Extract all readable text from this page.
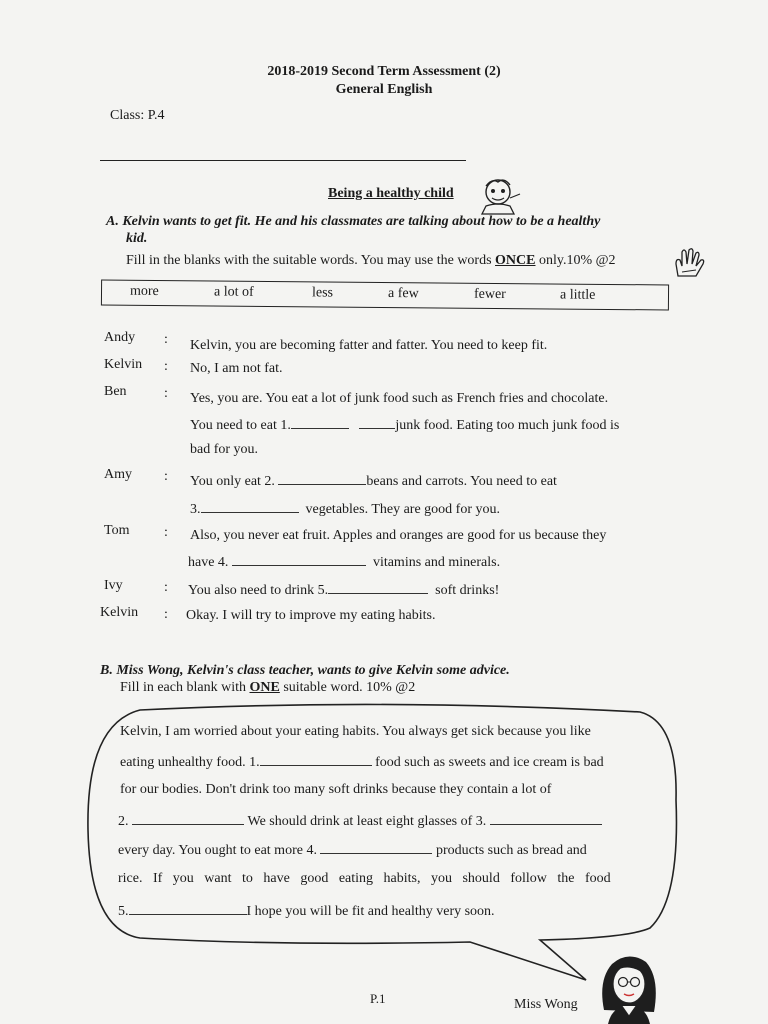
2018-2019 Second Term Assessment (2)
General English
Class: P.4
Being a healthy child
A. Kelvin wants to get fit. He and his classmates are talking about how to be a healthy
kid.
Fill in the blanks with the suitable words. You may use the words ONCE only.10% @2
more	a lot of	less	a few	fewer	a little
Andy : Kelvin, you are becoming fatter and fatter. You need to keep fit.
Kelvin : No, I am not fat.
Ben	: Yes, you are. You eat a lot of junk food such as French fries and chocolate.
You need to eat 1.	junk food. Eating too much junk food is
bad for you.
Amy : You only eat 2.	beans and carrots. You need to eat
3.	vegetables. They are good for you.
Tom : Also, you never eat fruit. Apples and oranges are good for us because they
have 4.	vitamins and minerals.
Ivy	: You also need to drink 5.	soft drinks!
Kelvin : Okay. I will try to improve my eating habits.
B. Miss Wong, Kelvin's class teacher, wants to give Kelvin some advice.
Fill in each blank with ONE suitable word. 10% @2
Kelvin, I am worried about your eating habits. You always get sick because you like
eating unhealthy food. 1.	food such as sweets and ice cream is bad
for our bodies. Don't drink too many soft drinks because they contain a lot of
2.	We should drink at least eight glasses of 3.
every day. You ought to eat more 4.	products such as bread and
rice. If you want to have good eating habits, you should follow the food
5.	I hope you will be fit and healthy very soon.
P.1	Miss Wong
